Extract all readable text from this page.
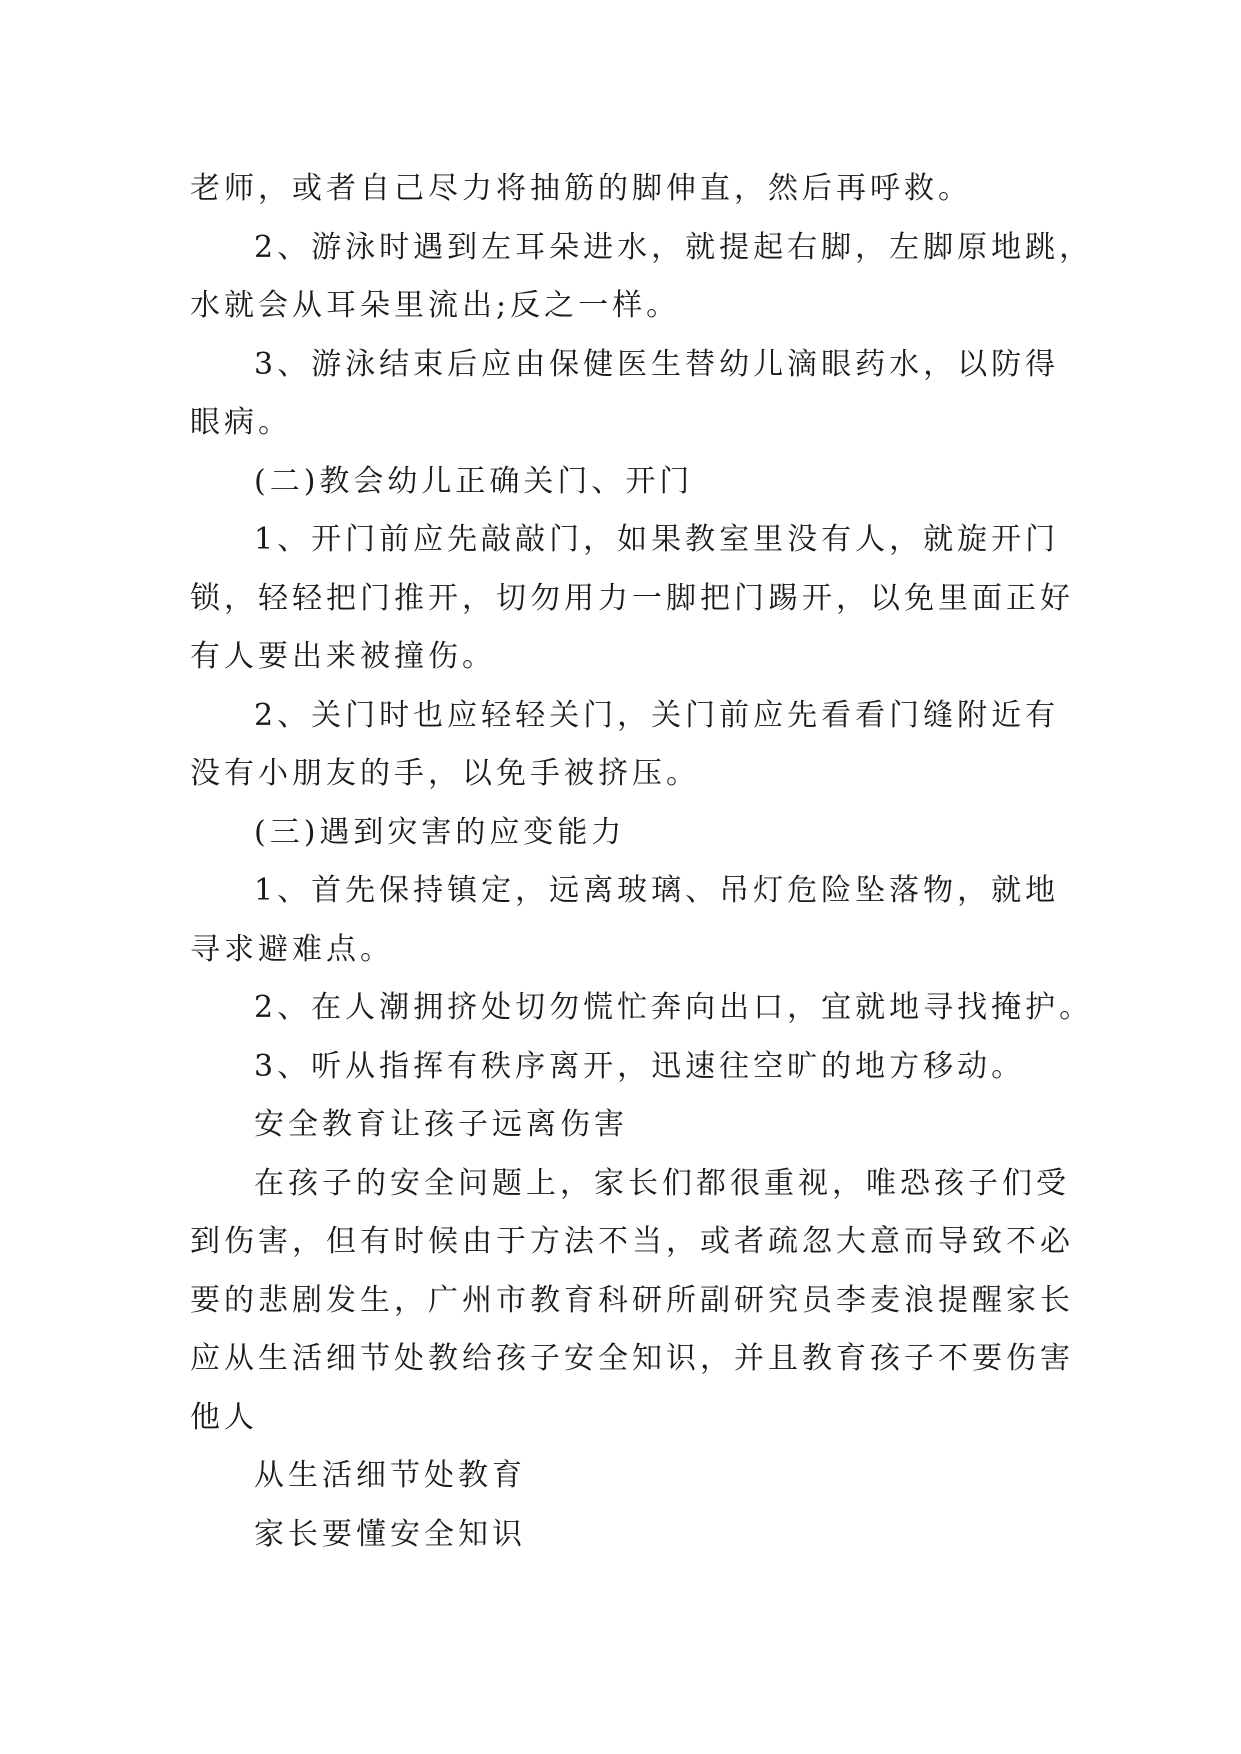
老师，或者自己尽力将抽筋的脚伸直，然后再呼救。

2、游泳时遇到左耳朵进水，就提起右脚，左脚原地跳，

水就会从耳朵里流出;反之一样。

3、游泳结束后应由保健医生替幼儿滴眼药水，以防得

眼病。

(二)教会幼儿正确关门、开门

1、开门前应先敲敲门，如果教室里没有人，就旋开门

锁，轻轻把门推开，切勿用力一脚把门踢开，以免里面正好

有人要出来被撞伤。

2、关门时也应轻轻关门，关门前应先看看门缝附近有

没有小朋友的手，以免手被挤压。

(三)遇到灾害的应变能力

1、首先保持镇定，远离玻璃、吊灯危险坠落物，就地

寻求避难点。

2、在人潮拥挤处切勿慌忙奔向出口，宜就地寻找掩护。

3、听从指挥有秩序离开，迅速往空旷的地方移动。

安全教育让孩子远离伤害

在孩子的安全问题上，家长们都很重视，唯恐孩子们受

到伤害，但有时候由于方法不当，或者疏忽大意而导致不必

要的悲剧发生，广州市教育科研所副研究员李麦浪提醒家长

应从生活细节处教给孩子安全知识，并且教育孩子不要伤害

他人

从生活细节处教育

家长要懂安全知识
